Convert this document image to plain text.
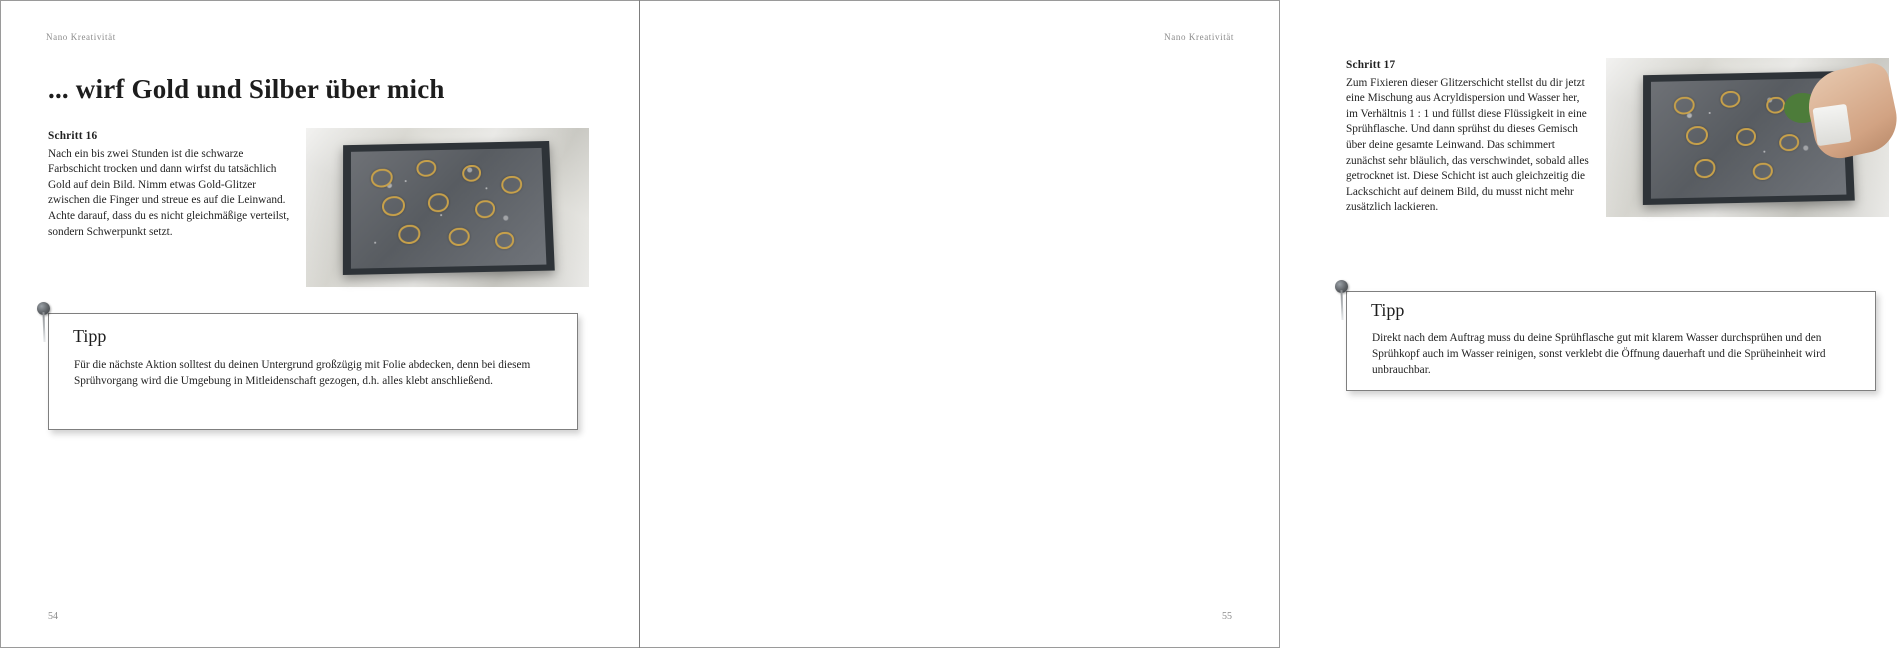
Nano Kreativität
... wirf Gold und Silber über mich
Schritt 16
Nach ein bis zwei Stunden ist die schwarze Farbschicht trocken und dann wirfst du tatsächlich Gold auf dein Bild. Nimm etwas Gold-Glitzer zwischen die Finger und streue es auf die Leinwand. Achte darauf, dass du es nicht gleichmäßige verteilst, sondern Schwerpunkt setzt.
Tipp
Für die nächste Aktion solltest du deinen Untergrund großzügig mit Folie abdecken, denn bei diesem Sprühvorgang wird die Umgebung in Mitleidenschaft gezogen, d.h. alles klebt anschließend.
54
Nano Kreativität
Schritt 17
Zum Fixieren dieser Glitzerschicht stellst du dir jetzt eine Mischung aus Acryldispersion und Wasser her, im Verhältnis 1 : 1 und füllst diese Flüssigkeit in eine Sprühflasche. Und dann sprühst du dieses Gemisch über deine gesamte Leinwand. Das schimmert zunächst sehr bläulich, das verschwindet, sobald alles getrocknet ist. Diese Schicht ist auch gleichzeitig die Lackschicht auf deinem Bild, du musst nicht mehr zusätzlich lackieren.
Tipp
Direkt nach dem Auftrag muss du deine Sprühflasche gut mit klarem Wasser durchsprühen und den Sprühkopf auch im Wasser reinigen, sonst verklebt die Öffnung dauerhaft und die Sprüheinheit wird unbrauchbar.
55
